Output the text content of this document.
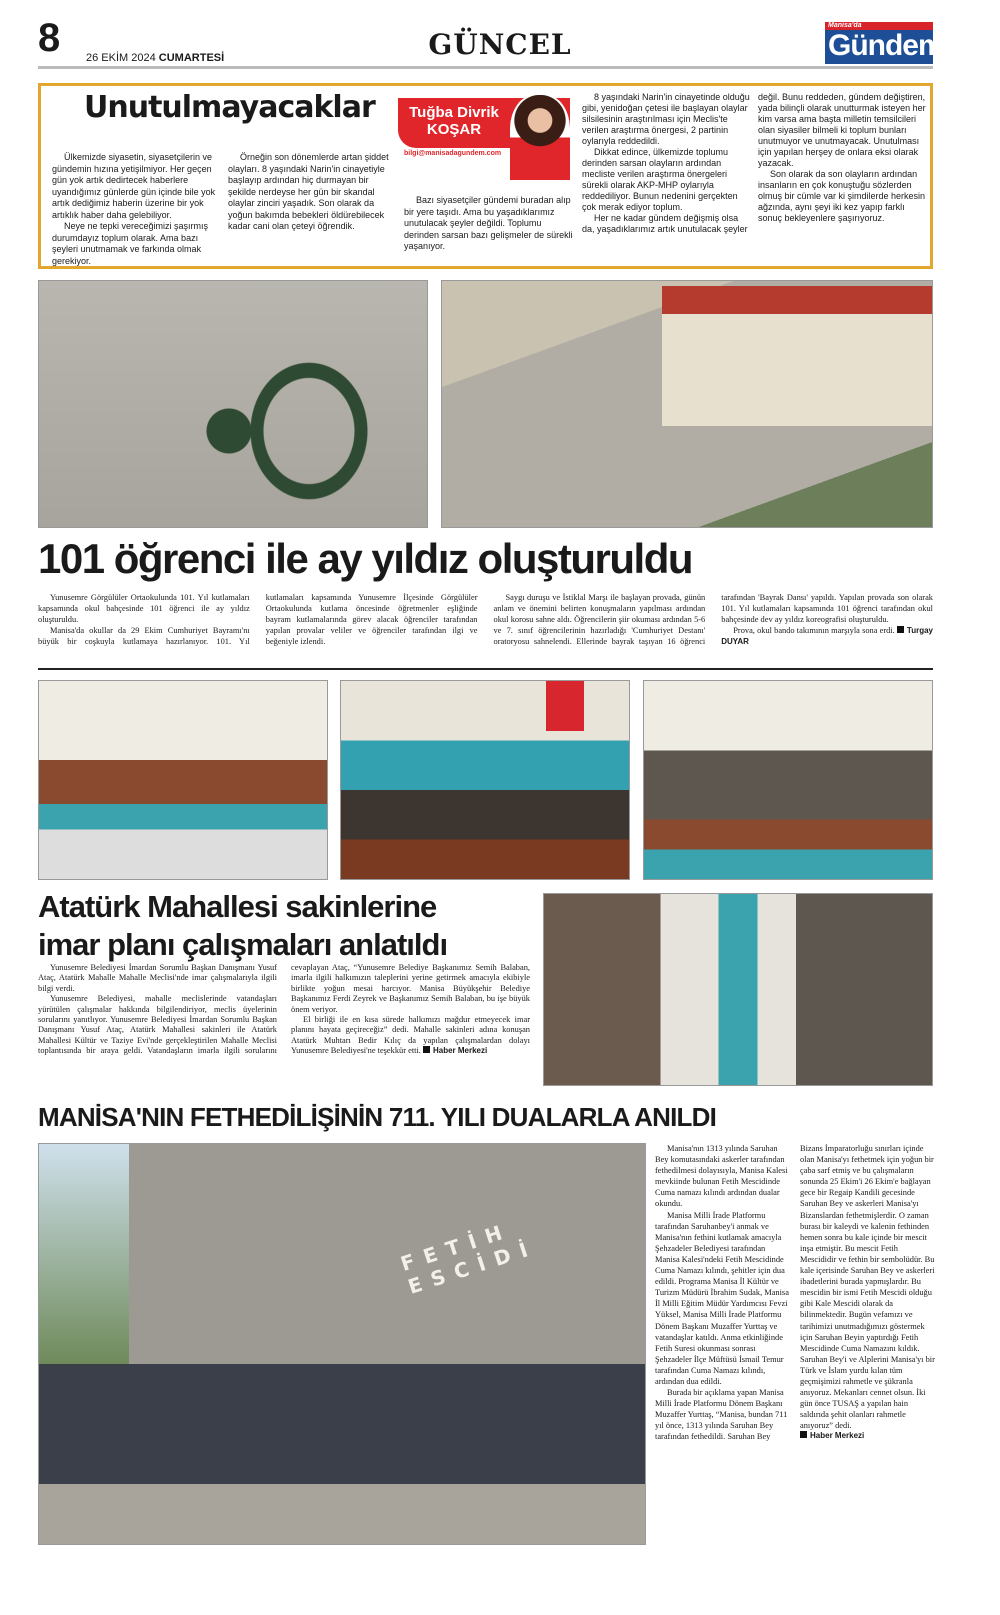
8 26 EKİM 2024 CUMARTESİ	GÜNCEL
Manisa'da
Gündem
Unutulmayacaklar	Tuğba Divrik
KOŞAR
bilgi@manisadagundem.com

Ülkemizde siyasetin, siyasetçilerin ve gündemin hızına yetişilmiyor. Her geçen gün yok artık dedirtecek haberlere uyandığımız günlerde gün içinde bile yok artık dediğimiz haberin üzerine bir yok artıklık haber daha gelebiliyor.

Neye ne tepki vereceğimizi şaşırmış durumdayız toplum olarak. Ama bazı şeyleri unutmamak ve farkında olmak gerekiyor.

Örneğin son dönemlerde artan şiddet olayları. 8 yaşındaki Narin'in cinayetiyle başlayıp ardından hiç durmayan bir şekilde nerdeyse her gün bir skandal olaylar zinciri yaşadık. Son olarak da yoğun bakımda bebekleri öldürebilecek kadar cani olan çeteyi öğrendik.

Bazı siyasetçiler gündemi buradan alıp bir yere taşıdı. Ama bu yaşadıklarımız unutulacak şeyler değildi. Toplumu derinden sarsan bazı gelişmeler de sürekli yaşanıyor.

8 yaşındaki Narin'in cinayetinde olduğu gibi, yenidoğan çetesi ile başlayan olaylar silsilesinin araştırılması için Meclis'te verilen araştırma önergesi, 2 partinin oylarıyla reddedildi.

Dikkat edince, ülkemizde toplumu derinden sarsan olayların ardından mecliste verilen araştırma önergeleri sürekli olarak AKP-MHP oylarıyla reddediliyor. Bunun nedenini gerçekten çok merak ediyor toplum.

Her ne kadar gündem değişmiş olsa da, yaşadıklarımız artık unutulacak şeyler değil. Bunu reddeden, gündem değiştiren, yada bilinçli olarak unutturmak isteyen her kim varsa ama başta milletin temsilcileri olan siyasiler bilmeli ki toplum bunları unutmuyor ve unutmayacak. Unutulması için yapılan herşey de onlara eksi olarak yazacak.

Son olarak da son olayların ardından insanların en çok konuştuğu sözlerden olmuş bir cümle var ki şimdilerde herkesin ağzında, aynı şeyi iki kez yapıp farklı sonuç bekleyenlere şaşırıyoruz.

101 öğrenci ile ay yıldız oluşturuldu

Yunusemre Görgülüler Ortaokulunda 101. Yıl kutlamaları kapsamında okul bahçesinde 101 öğrenci ile ay yıldız oluşturuldu.

Manisa'da okullar da 29 Ekim Cumhuriyet Bayramı'nı büyük bir coşkuyla kutlamaya hazırlanıyor. 101. Yıl kutlamaları kapsamında Yunusemre İlçesinde Görgülüler Ortaokulunda kutlama öncesinde öğretmenler eşliğinde bayram kutlamalarında görev alacak öğrenciler tarafından yapılan provalar veliler ve öğrenciler tarafından ilgi ve beğeniyle izlendi.

Saygı duruşu ve İstiklal Marşı ile başlayan provada, günün anlam ve önemini belirten konuşmaların yapılması ardından okul korosu sahne aldı. Öğrencilerin şiir okuması ardından 5-6 ve 7. sınıf öğrencilerinin hazırladığı 'Cumhuriyet Destanı' oratoryosu sahnelendi. Ellerinde bayrak taşıyan 16 öğrenci tarafından 'Bayrak Dansı' yapıldı. Yapılan provada son olarak 101. Yıl kutlamaları kapsamında 101 öğrenci tarafından okul bahçesinde dev ay yıldız koreografisi oluşturuldu.

Prova, okul bando takımının marşıyla sona erdi. Turgay DUYAR

Atatürk Mahallesi sakinlerine
imar planı çalışmaları anlatıldı

Yunusemre Belediyesi İmardan Sorumlu Başkan Danışmanı Yusuf Ataç, Atatürk Mahalle Mahalle Meclisi'nde imar çalışmalarıyla ilgili bilgi verdi.

Yunusemre Belediyesi, mahalle meclislerinde vatandaşları yürütülen çalışmalar hakkında bilgilendiriyor, meclis üyelerinin sorularını yanıtlıyor. Yunusemre Belediyesi İmardan Sorumlu Başkan Danışmanı Yusuf Ataç, Atatürk Mahallesi sakinleri ile Atatürk Mahallesi Kültür ve Taziye Evi'nde gerçekleştirilen Mahalle Meclisi toplantısında bir araya geldi. Vatandaşların imarla ilgili sorularını cevaplayan Ataç, “Yunusemre Belediye Başkanımız Semih Balaban, imarla ilgili halkımızın taleplerini yerine getirmek amacıyla ekibiyle birlikte yoğun mesai harcıyor. Manisa Büyükşehir Belediye Başkanımız Ferdi Zeyrek ve Başkanımız Semih Balaban, bu işe büyük önem veriyor.

El birliği ile en kısa sürede halkımızı mağdur etmeyecek imar planını hayata geçireceğiz” dedi. Mahalle sakinleri adına konuşan Atatürk Muhtarı Bedir Kılıç da yapılan çalışmalardan dolayı Yunusemre Belediyesi'ne teşekkür etti. Haber Merkezi

MANİSA'NIN FETHEDİLİŞİNİN 711. YILI DUALARLA ANILDI
FETİH ESCİDİ

Manisa'nın 1313 yılında Saruhan Bey komutasındaki askerler tarafından fethedilmesi dolayısıyla, Manisa Kalesi mevkiinde bulunan Fetih Mescidinde Cuma namazı kılındı ardından dualar okundu.

Manisa Milli İrade Platformu tarafından Saruhanbey'i anmak ve Manisa'nın fethini kutlamak amacıyla Şehzadeler Belediyesi tarafından Manisa Kalesi'ndeki Fetih Mescidinde Cuma Namazı kılındı, şehitler için dua edildi. Programa Manisa İl Kültür ve Turizm Müdürü İbrahim Sudak, Manisa İl Milli Eğitim Müdür Yardımcısı Fevzi Yüksel, Manisa Milli İrade Platformu Dönem Başkanı Muzaffer Yurttaş ve vatandaşlar katıldı. Anma etkinliğinde Fetih Suresi okunması sonrası Şehzadeler İlçe Müftüsü İsmail Temur tarafından Cuma Namazı kılındı, ardından dua edildi.

Burada bir açıklama yapan Manisa Milli İrade Platformu Dönem Başkanı Muzaffer Yurttaş, “Manisa, bundan 711 yıl önce, 1313 yılında Saruhan Bey tarafından fethedildi. Saruhan Bey Bizans İmparatorluğu sınırları içinde olan Manisa'yı fethetmek için yoğun bir çaba sarf etmiş ve bu çalışmaların sonunda 25 Ekim'i 26 Ekim'e bağlayan gece bir Regaip Kandili gecesinde Saruhan Bey ve askerleri Manisa'yı Bizanslardan fethetmişlerdir. O zaman burası bir kaleydi ve kalenin fethinden hemen sonra bu kale içinde bir mescit inşa etmiştir. Bu mescit Fetih Mescididir ve fethin bir sembolüdür. Bu kale içerisinde Saruhan Bey ve askerleri ibadetlerini burada yapmışlardır. Bu mescidin bir ismi Fetih Mescidi olduğu gibi Kale Mescidi olarak da bilinmektedir. Bugün vefamızı ve tarihimizi unutmadığımızı göstermek için Saruhan Beyin yaptırdığı Fetih Mescidinde Cuma Namazını kıldık. Saruhan Bey'i ve Alplerini Manisa'yı bir Türk ve İslam yurdu kılan tüm geçmişimizi rahmetle ve şükranla anıyoruz. Mekanları cennet olsun. İki gün önce TUSAŞ a yapılan hain saldırıda şehit olanları rahmetle anıyoruz” dedi.

Haber Merkezi
